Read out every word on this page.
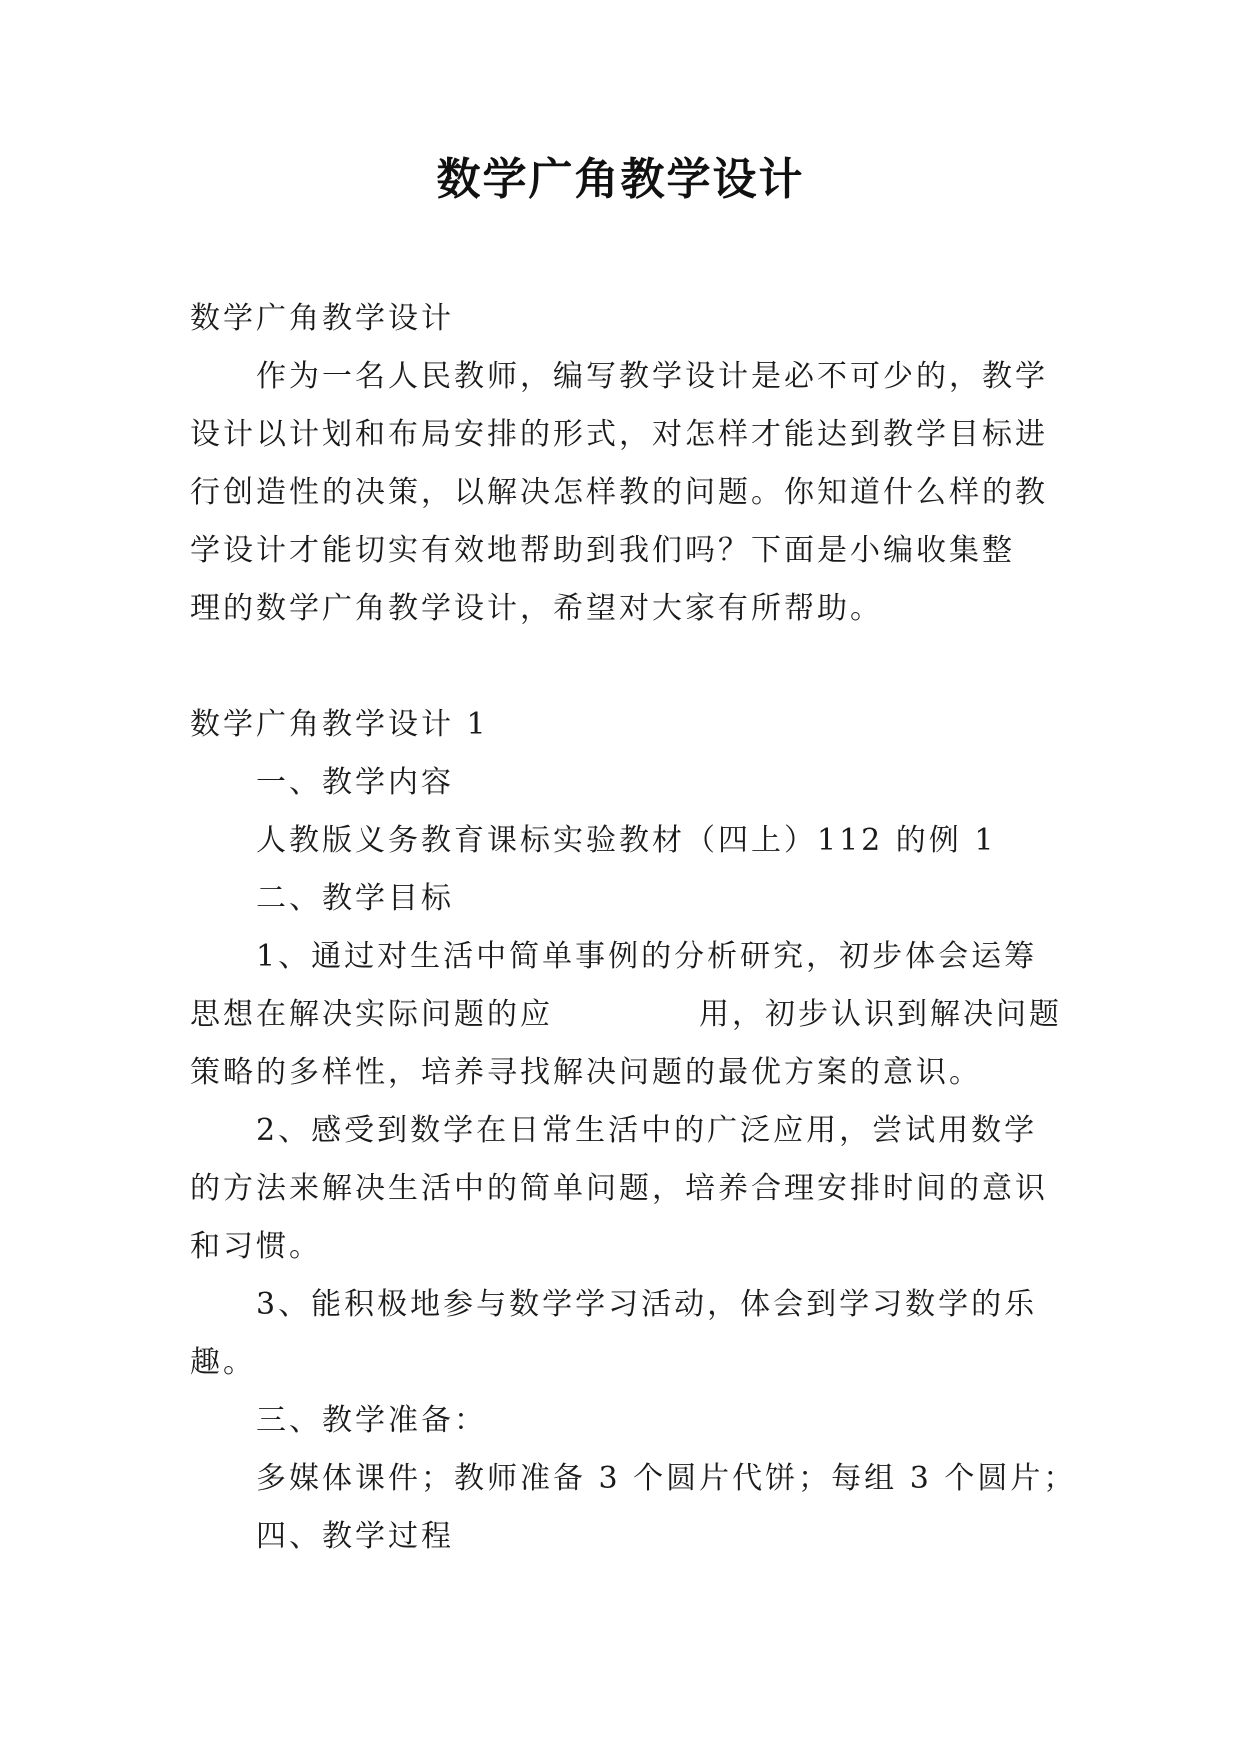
数学广角教学设计
数学广角教学设计
作为一名人民教师，编写教学设计是必不可少的，教学
设计以计划和布局安排的形式，对怎样才能达到教学目标进
行创造性的决策，以解决怎样教的问题。你知道什么样的教
学设计才能切实有效地帮助到我们吗？下面是小编收集整
理的数学广角教学设计，希望对大家有所帮助。
数学广角教学设计 1
一、教学内容
人教版义务教育课标实验教材（四上）112 的例 1
二、教学目标
1、通过对生活中简单事例的分析研究，初步体会运筹
思想在解决实际问题的应	用，初步认识到解决问题
策略的多样性，培养寻找解决问题的最优方案的意识。
2、感受到数学在日常生活中的广泛应用，尝试用数学
的方法来解决生活中的简单问题，培养合理安排时间的意识
和习惯。
3、能积极地参与数学学习活动，体会到学习数学的乐
趣。
三、教学准备：
多媒体课件；教师准备 3 个圆片代饼；每组 3 个圆片；
四、教学过程
